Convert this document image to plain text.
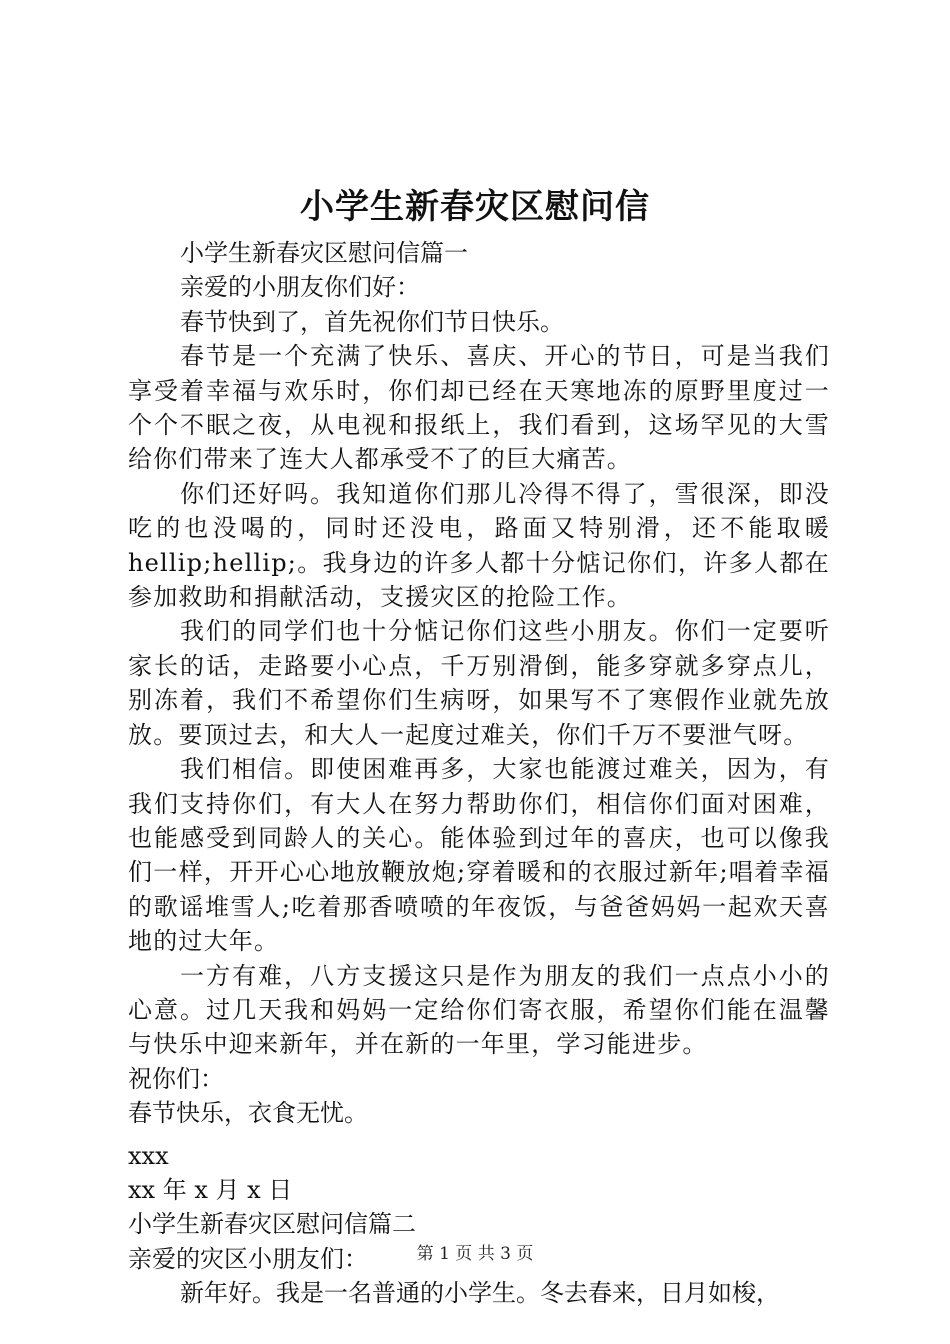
小学生新春灾区慰问信

小学生新春灾区慰问信篇一

亲爱的小朋友你们好：

春节快到了，首先祝你们节日快乐。

春节是一个充满了快乐、喜庆、开心的节日，可是当我们享受着幸福与欢乐时，你们却已经在天寒地冻的原野里度过一个个不眠之夜，从电视和报纸上，我们看到，这场罕见的大雪给你们带来了连大人都承受不了的巨大痛苦。

你们还好吗。我知道你们那儿冷得不得了，雪很深，即没吃的也没喝的，同时还没电，路面又特别滑，还不能取暖hellip;hellip;。我身边的许多人都十分惦记你们，许多人都在参加救助和捐献活动，支援灾区的抢险工作。

我们的同学们也十分惦记你们这些小朋友。你们一定要听家长的话，走路要小心点，千万别滑倒，能多穿就多穿点儿，别冻着，我们不希望你们生病呀，如果写不了寒假作业就先放放。要顶过去，和大人一起度过难关，你们千万不要泄气呀。

我们相信。即使困难再多，大家也能渡过难关，因为，有我们支持你们，有大人在努力帮助你们，相信你们面对困难，也能感受到同龄人的关心。能体验到过年的喜庆，也可以像我们一样，开开心心地放鞭放炮;穿着暖和的衣服过新年;唱着幸福的歌谣堆雪人;吃着那香喷喷的年夜饭，与爸爸妈妈一起欢天喜地的过大年。

一方有难，八方支援这只是作为朋友的我们一点点小小的心意。过几天我和妈妈一定给你们寄衣服，希望你们能在温馨与快乐中迎来新年，并在新的一年里，学习能进步。

祝你们：

春节快乐，衣食无忧。

xxx

xx 年 x 月 x 日

小学生新春灾区慰问信篇二

亲爱的灾区小朋友们：

新年好。我是一名普通的小学生。冬去春来，日月如梭，

第 1 页 共 3 页
